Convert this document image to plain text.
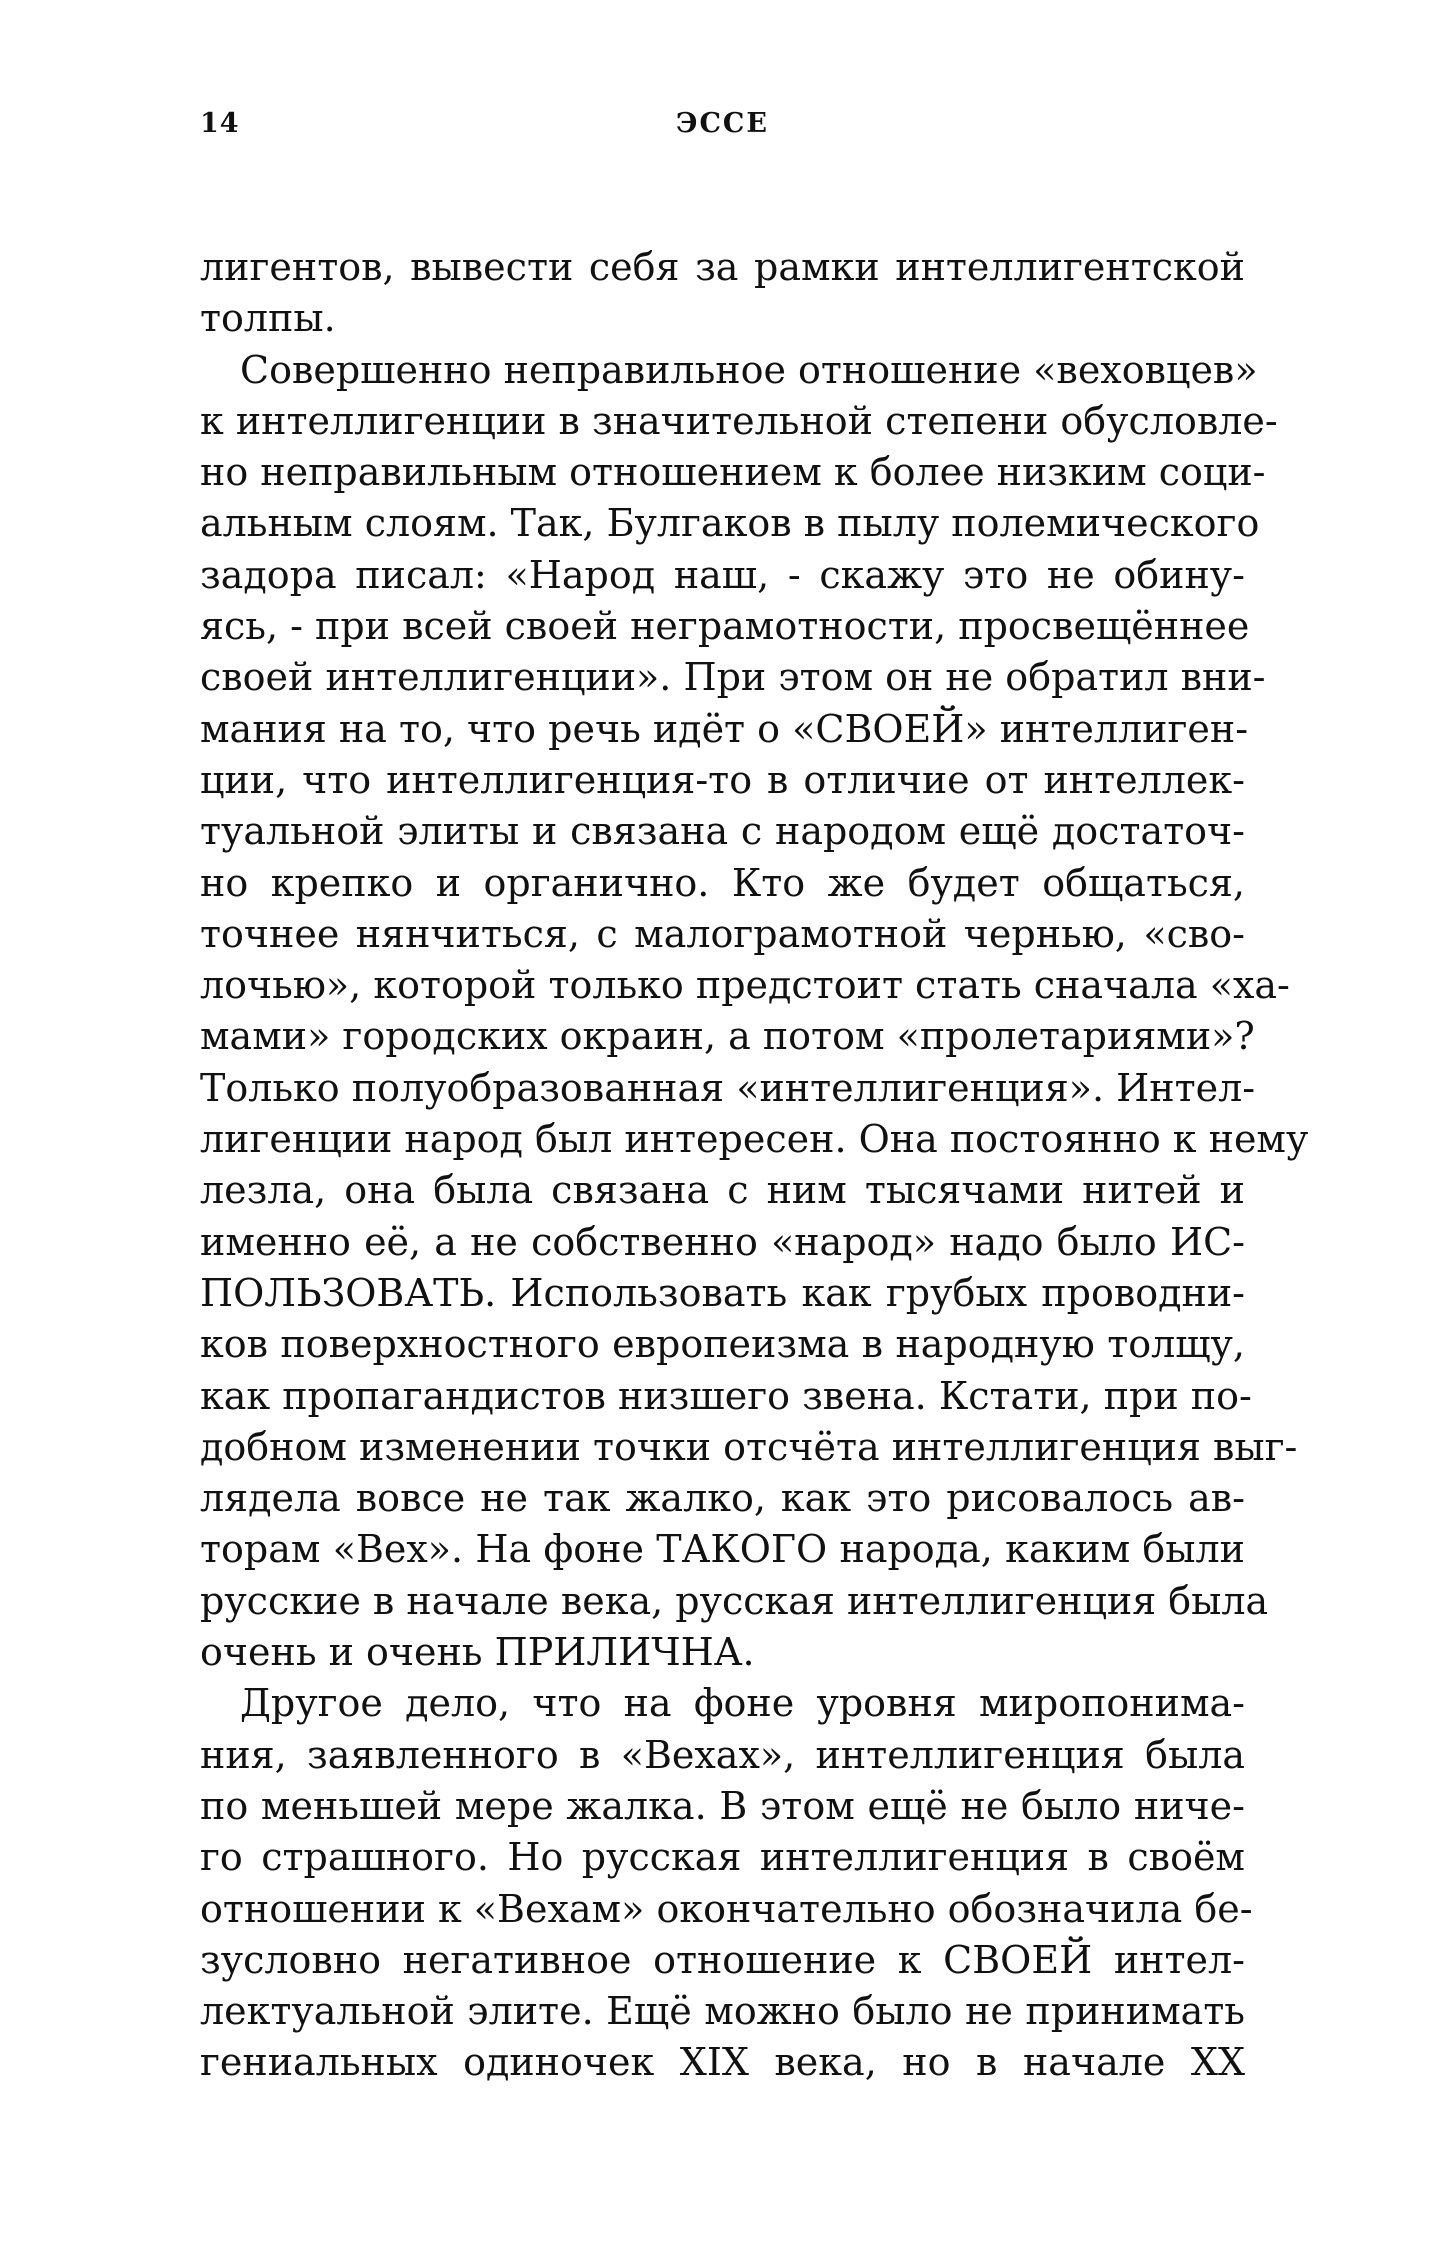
14	ЭССЕ

лигентов, вывести себя за рамки интеллигентской
толпы.

Совершенно неправильное отношение «веховцев»
к интеллигенции в значительной степени обусловле-
но неправильным отношением к более низким соци-
альным слоям. Так, Булгаков в пылу полемического
задора писал: «Народ наш, - скажу это не обину-
ясь, - при всей своей неграмотности, просвещённее
своей интеллигенции». При этом он не обратил вни-
мания на то, что речь идёт о «СВОЕЙ» интеллиген-
ции, что интеллигенция-то в отличие от интеллек-
туальной элиты и связана с народом ещё достаточ-
но крепко и органично. Кто же будет общаться,
точнее нянчиться, с малограмотной чернью, «сво-
лочью», которой только предстоит стать сначала «ха-
мами» городских окраин, а потом «пролетариями»?
Только полуобразованная «интеллигенция». Интел-
лигенции народ был интересен. Она постоянно к нему
лезла, она была связана с ним тысячами нитей и
именно её, а не собственно «народ» надо было ИС-
ПОЛЬЗОВАТЬ. Использовать как грубых проводни-
ков поверхностного европеизма в народную толщу,
как пропагандистов низшего звена. Кстати, при по-
добном изменении точки отсчёта интеллигенция выг-
лядела вовсе не так жалко, как это рисовалось ав-
торам «Вех». На фоне ТАКОГО народа, каким были
русские в начале века, русская интеллигенция была
очень и очень ПРИЛИЧНА.

Другое дело, что на фоне уровня миропонима-
ния, заявленного в «Вехах», интеллигенция была
по меньшей мере жалка. В этом ещё не было ниче-
го страшного. Но русская интеллигенция в своём
отношении к «Вехам» окончательно обозначила бе-
зусловно негативное отношение к СВОЕЙ интел-
лектуальной элите. Ещё можно было не принимать
гениальных одиночек XIX века, но в начале XX
